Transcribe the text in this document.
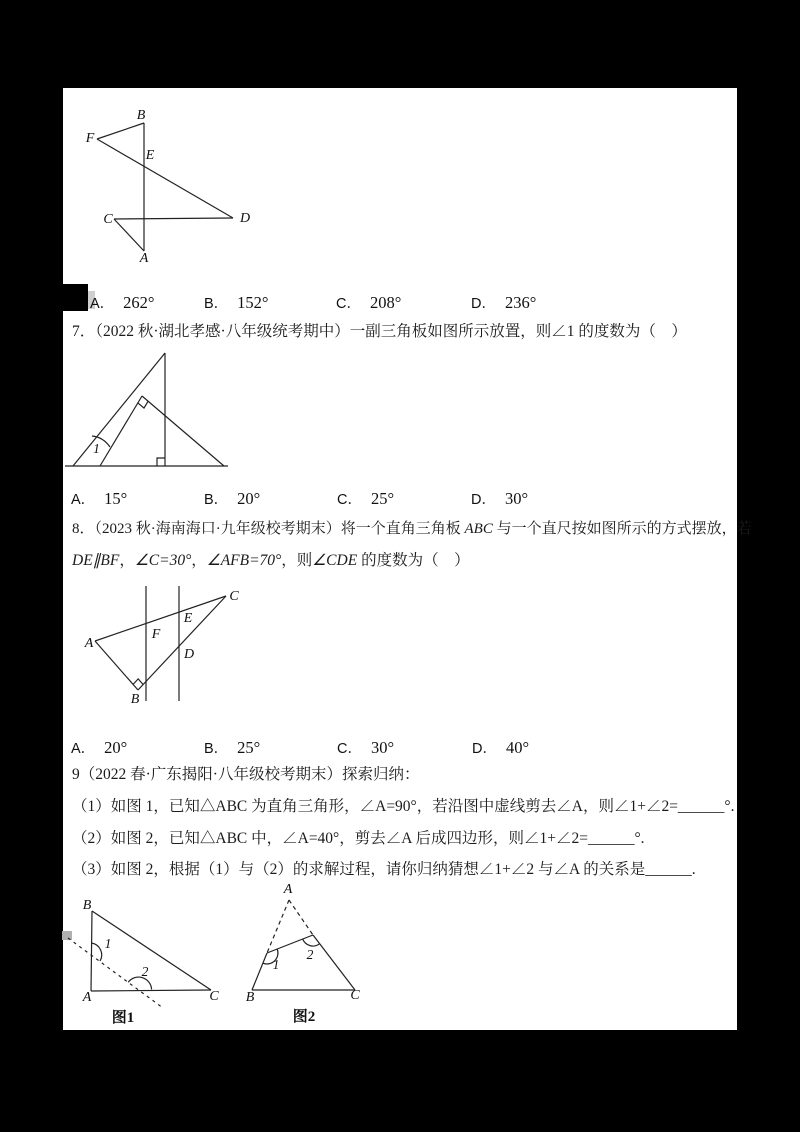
B
F
E
C	D
A
A． 262°	B． 152°	C． 208°	D． 236°
7．（2022 秋·湖北孝感·八年级统考期中）一副三角板如图所示放置，则∠1 的度数为（　）
1
A． 15°	B． 20°	C． 25°	D． 30°
8．（2023 秋·海南海口·九年级校考期末）将一个直角三角板 ABC 与一个直尺按如图所示的方式摆放，若
DE∥BF，∠C=30°，∠AFB=70°，则∠CDE 的度数为（　）
A
B
C
F
E
D
A． 20°	B． 25°	C． 30°	D． 40°
9（2022 春·广东揭阳·八年级校考期末）探索归纳：
（1）如图 1，已知△ABC 为直角三角形，∠A=90°，若沿图中虚线剪去∠A，则∠1+∠2=______°.
（2）如图 2，已知△ABC 中，∠A=40°，剪去∠A 后成四边形，则∠1+∠2=______°.
（3）如图 2，根据（1）与（2）的求解过程，请你归纳猜想∠1+∠2 与∠A 的关系是______.
B
A	C
1
2
图1
A
B	C
1
2
图2
